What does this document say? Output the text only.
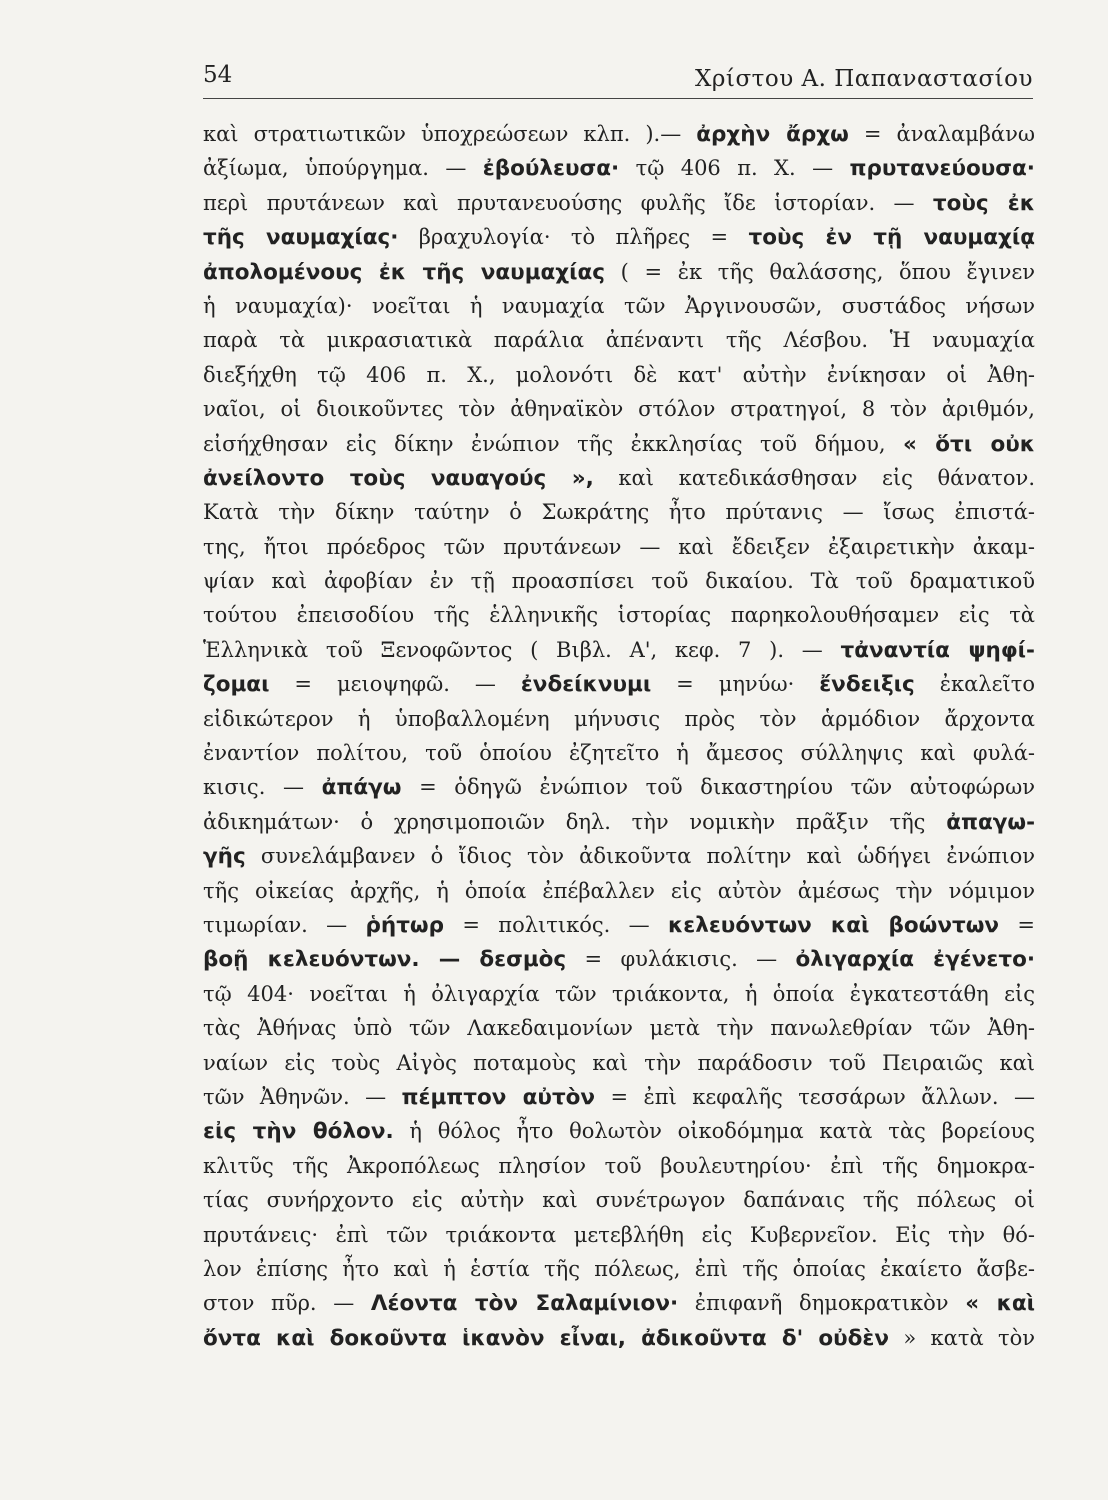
54	Χρίστου Α. Παπαναστασίου
καὶ στρατιωτικῶν ὑποχρεώσεων κλπ. ).— ἀρχὴν ἄρχω = ἀναλαμβάνω
ἀξίωμα, ὑπούργημα. — ἐβούλευσα· τῷ 406 π. Χ. — πρυτανεύουσα·
περὶ πρυτάνεων καὶ πρυτανευούσης φυλῆς ἴδε ἱστορίαν. — τοὺς ἐκ
τῆς ναυμαχίας· βραχυλογία· τὸ πλῆρες = τοὺς ἐν τῇ ναυμαχίᾳ
ἀπολομένους ἐκ τῆς ναυμαχίας ( = ἐκ τῆς θαλάσσης, ὅπου ἔγινεν
ἡ ναυμαχία)· νοεῖται ἡ ναυμαχία τῶν Ἀργινουσῶν, συστάδος νήσων
παρὰ τὰ μικρασιατικὰ παράλια ἀπέναντι τῆς Λέσβου. Ἡ ναυμαχία
διεξήχθη τῷ 406 π. Χ., μολονότι δὲ κατ' αὐτὴν ἐνίκησαν οἱ Ἀθη-
ναῖοι, οἱ διοικοῦντες τὸν ἀθηναϊκὸν στόλον στρατηγοί, 8 τὸν ἀριθμόν,
εἰσήχθησαν εἰς δίκην ἐνώπιον τῆς ἐκκλησίας τοῦ δήμου, « ὅτι οὐκ
ἀνείλοντο τοὺς ναυαγούς », καὶ κατεδικάσθησαν εἰς θάνατον.
Κατὰ τὴν δίκην ταύτην ὁ Σωκράτης ἦτο πρύτανις — ἴσως ἐπιστά-
της, ἤτοι πρόεδρος τῶν πρυτάνεων — καὶ ἔδειξεν ἐξαιρετικὴν ἀκαμ-
ψίαν καὶ ἀφοβίαν ἐν τῇ προασπίσει τοῦ δικαίου. Τὰ τοῦ δραματικοῦ
τούτου ἐπεισοδίου τῆς ἑλληνικῆς ἱστορίας παρηκολουθήσαμεν εἰς τὰ
Ἑλληνικὰ τοῦ Ξενοφῶντος ( Βιβλ. Α', κεφ. 7 ). — τἀναντία ψηφί-
ζομαι = μειοψηφῶ. — ἐνδείκνυμι = μηνύω· ἔνδειξις ἐκαλεῖτο
εἰδικώτερον ἡ ὑποβαλλομένη μήνυσις πρὸς τὸν ἁρμόδιον ἄρχοντα
ἐναντίον πολίτου, τοῦ ὁποίου ἐζητεῖτο ἡ ἄμεσος σύλληψις καὶ φυλά-
κισις. — ἀπάγω = ὁδηγῶ ἐνώπιον τοῦ δικαστηρίου τῶν αὐτοφώρων
ἀδικημάτων· ὁ χρησιμοποιῶν δηλ. τὴν νομικὴν πρᾶξιν τῆς ἀπαγω-
γῆς συνελάμβανεν ὁ ἴδιος τὸν ἀδικοῦντα πολίτην καὶ ὡδήγει ἐνώπιον
τῆς οἰκείας ἀρχῆς, ἡ ὁποία ἐπέβαλλεν εἰς αὐτὸν ἀμέσως τὴν νόμιμον
τιμωρίαν. — ῥήτωρ = πολιτικός. — κελευόντων καὶ βοώντων =
βοῇ κελευόντων. — δεσμὸς = φυλάκισις. — ὀλιγαρχία ἐγένετο·
τῷ 404· νοεῖται ἡ ὀλιγαρχία τῶν τριάκοντα, ἡ ὁποία ἐγκατεστάθη εἰς
τὰς Ἀθήνας ὑπὸ τῶν Λακεδαιμονίων μετὰ τὴν πανωλεθρίαν τῶν Ἀθη-
ναίων εἰς τοὺς Αἰγὸς ποταμοὺς καὶ τὴν παράδοσιν τοῦ Πειραιῶς καὶ
τῶν Ἀθηνῶν. — πέμπτον αὐτὸν = ἐπὶ κεφαλῆς τεσσάρων ἄλλων. —
εἰς τὴν θόλον. ἡ θόλος ἦτο θολωτὸν οἰκοδόμημα κατὰ τὰς βορείους
κλιτῦς τῆς Ἀκροπόλεως πλησίον τοῦ βουλευτηρίου· ἐπὶ τῆς δημοκρα-
τίας συνήρχοντο εἰς αὐτὴν καὶ συνέτρωγον δαπάναις τῆς πόλεως οἱ
πρυτάνεις· ἐπὶ τῶν τριάκοντα μετεβλήθη εἰς Κυβερνεῖον. Εἰς τὴν θό-
λον ἐπίσης ἦτο καὶ ἡ ἑστία τῆς πόλεως, ἐπὶ τῆς ὁποίας ἐκαίετο ἄσβε-
στον πῦρ. — Λέοντα τὸν Σαλαμίνιον· ἐπιφανῆ δημοκρατικὸν « καὶ
ὄντα καὶ δοκοῦντα ἱκανὸν εἶναι, ἀδικοῦντα δ' οὐδὲν » κατὰ τὸν
